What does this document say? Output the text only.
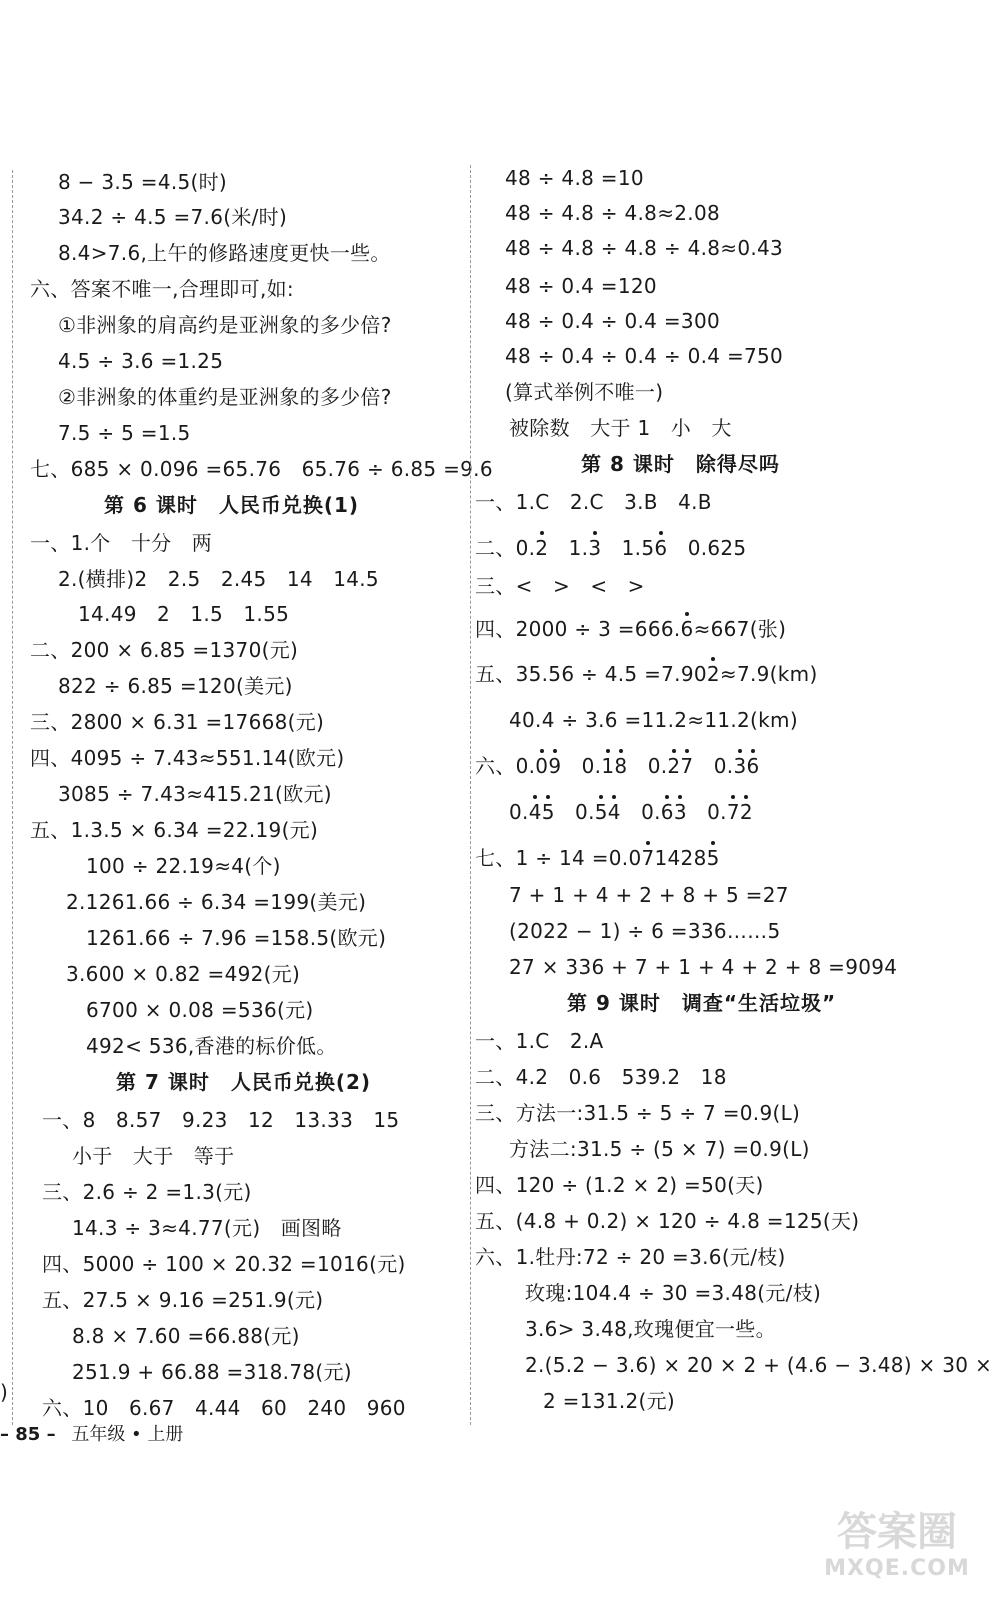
8 − 3.5 =4.5(时)
34.2 ÷ 4.5 =7.6(米/时)
8.4>7.6,上午的修路速度更快一些。
六、答案不唯一,合理即可,如:
①非洲象的肩高约是亚洲象的多少倍?
4.5 ÷ 3.6 =1.25
②非洲象的体重约是亚洲象的多少倍?
7.5 ÷ 5 =1.5
七、685 × 0.096 =65.76　65.76 ÷ 6.85 =9.6
第 6 课时　人民币兑换(1)
一、1.个　十分　两
2.(横排)2　2.5　2.45　14　14.5
14.49　2　1.5　1.55
二、200 × 6.85 =1370(元)
822 ÷ 6.85 =120(美元)
三、2800 × 6.31 =17668(元)
四、4095 ÷ 7.43≈551.14(欧元)
3085 ÷ 7.43≈415.21(欧元)
五、1.3.5 × 6.34 =22.19(元)
100 ÷ 22.19≈4(个)
2.1261.66 ÷ 6.34 =199(美元)
1261.66 ÷ 7.96 =158.5(欧元)
3.600 × 0.82 =492(元)
6700 × 0.08 =536(元)
492< 536,香港的标价低。
第 7 课时　人民币兑换(2)
一、8　8.57　9.23　12　13.33　15
小于　大于　等于
三、2.6 ÷ 2 =1.3(元)
14.3 ÷ 3≈4.77(元)　画图略
四、5000 ÷ 100 × 20.32 =1016(元)
五、27.5 × 9.16 =251.9(元)
8.8 × 7.60 =66.88(元)
251.9 + 66.88 =318.78(元)
六、10　6.67　4.44　60　240　960
48 ÷ 4.8 =10
48 ÷ 4.8 ÷ 4.8≈2.08
48 ÷ 4.8 ÷ 4.8 ÷ 4.8≈0.43
48 ÷ 0.4 =120
48 ÷ 0.4 ÷ 0.4 =300
48 ÷ 0.4 ÷ 0.4 ÷ 0.4 =750
(算式举例不唯一)
被除数　大于 1　小　大
第 8 课时　除得尽吗
一、1.C　2.C　3.B　4.B
二、0.2　1.3　1.56　0.625
三、<　>　<　>
四、2000 ÷ 3 =666.6≈667(张)
五、35.56 ÷ 4.5 =7.902≈7.9(km)
40.4 ÷ 3.6 =11.2≈11.2(km)
六、0.09　0.18　0.27　0.36
0.45　0.54　0.63　0.72
七、1 ÷ 14 =0.0714285
7 + 1 + 4 + 2 + 8 + 5 =27
(2022 − 1) ÷ 6 =336……5
27 × 336 + 7 + 1 + 4 + 2 + 8 =9094
第 9 课时　调查“生活垃圾”
一、1.C　2.A
二、4.2　0.6　539.2　18
三、方法一:31.5 ÷ 5 ÷ 7 =0.9(L)
方法二:31.5 ÷ (5 × 7) =0.9(L)
四、120 ÷ (1.2 × 2) =50(天)
五、(4.8 + 0.2) × 120 ÷ 4.8 =125(天)
六、1.牡丹:72 ÷ 20 =3.6(元/枝)
玫瑰:104.4 ÷ 30 =3.48(元/枝)
3.6> 3.48,玫瑰便宜一些。
2.(5.2 − 3.6) × 20 × 2 + (4.6 − 3.48) × 30 ×
2 =131.2(元)
)
– 85 – 五年级 • 上册
答案圈
MXQE.COM
